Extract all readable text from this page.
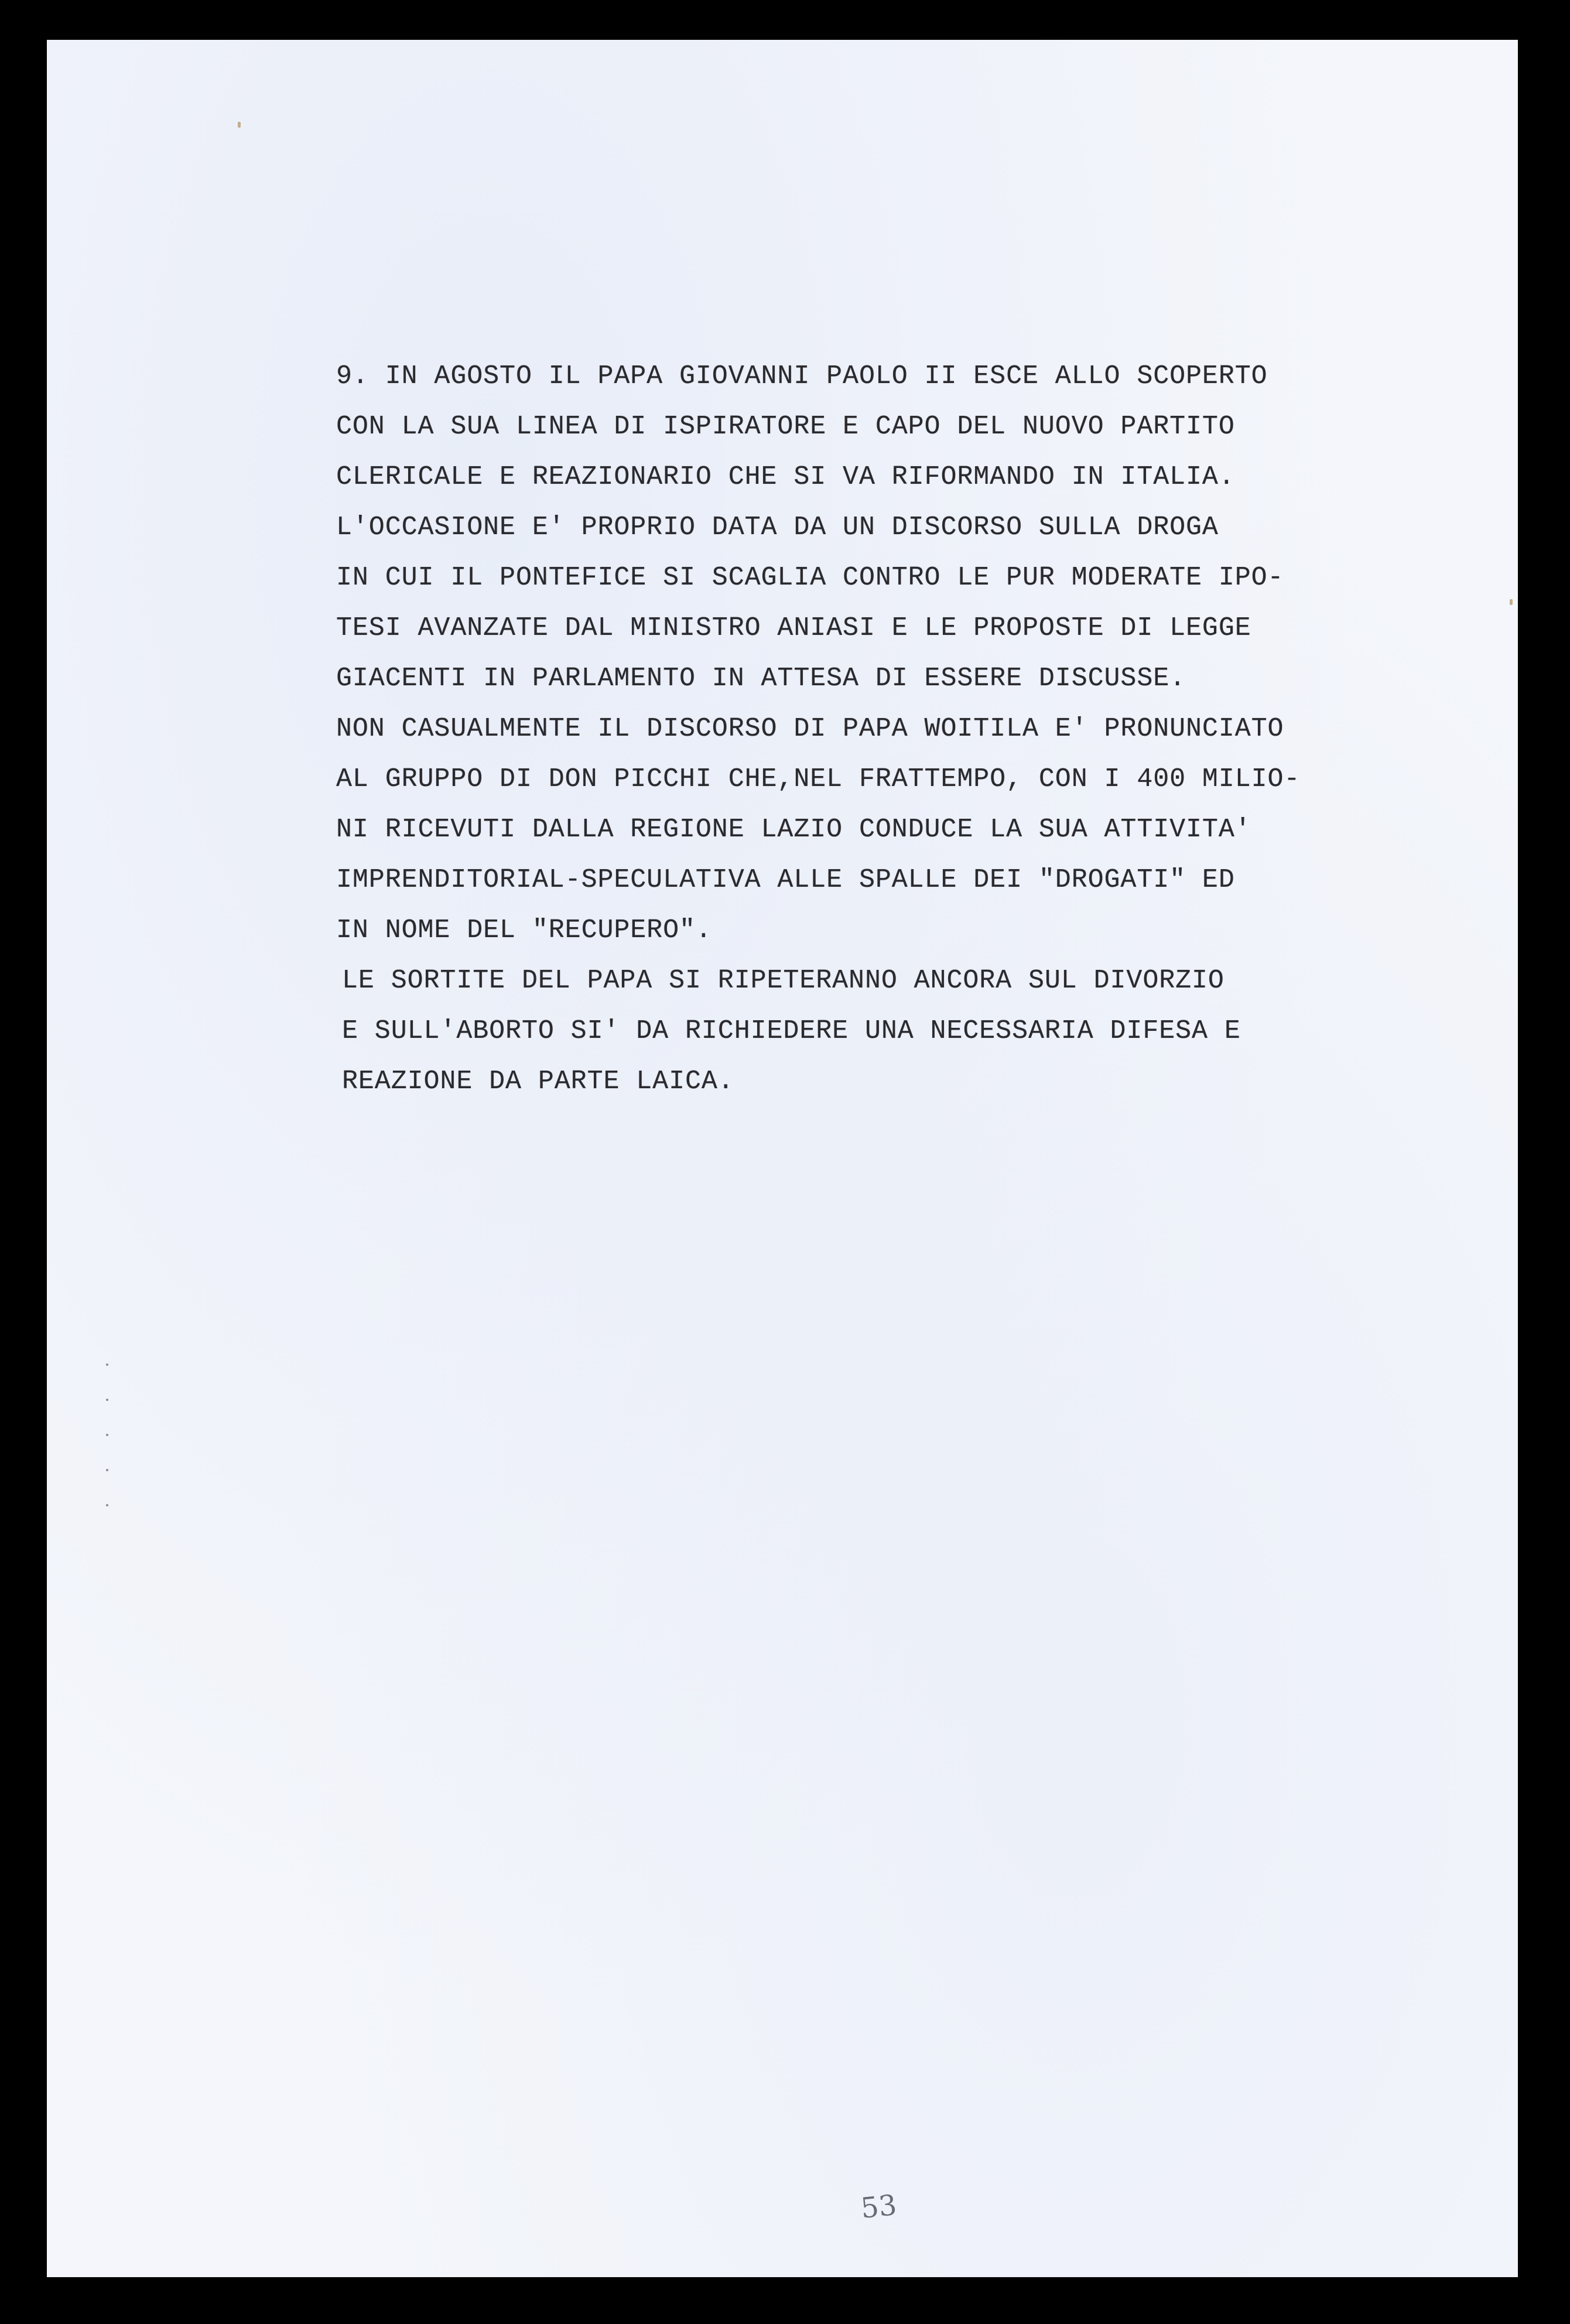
9. IN AGOSTO IL PAPA GIOVANNI PAOLO II ESCE ALLO SCOPERTO
CON LA SUA LINEA DI ISPIRATORE E CAPO DEL NUOVO PARTITO
CLERICALE E REAZIONARIO CHE SI VA RIFORMANDO IN ITALIA.
L'OCCASIONE E' PROPRIO DATA DA UN DISCORSO SULLA DROGA
IN CUI IL PONTEFICE SI SCAGLIA CONTRO LE PUR MODERATE IPO-
TESI AVANZATE DAL MINISTRO ANIASI E LE PROPOSTE DI LEGGE
GIACENTI IN PARLAMENTO IN ATTESA DI ESSERE DISCUSSE.
NON CASUALMENTE IL DISCORSO DI PAPA WOITILA E' PRONUNCIATO
AL GRUPPO DI DON PICCHI CHE,NEL FRATTEMPO, CON I 400 MILIO-
NI RICEVUTI DALLA REGIONE LAZIO CONDUCE LA SUA ATTIVITA'
IMPRENDITORIAL-SPECULATIVA ALLE SPALLE DEI "DROGATI" ED
IN NOME DEL "RECUPERO".
LE SORTITE DEL PAPA SI RIPETERANNO ANCORA SUL DIVORZIO
E SULL'ABORTO SI' DA RICHIEDERE UNA NECESSARIA DIFESA E
REAZIONE DA PARTE LAICA.
53
